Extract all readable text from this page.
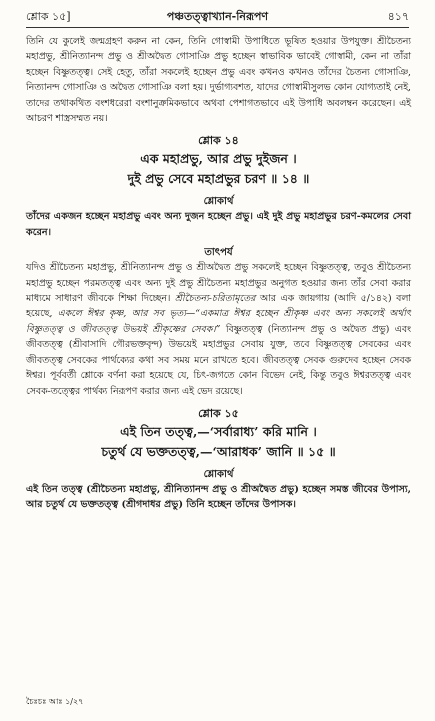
শ্লোক ১৫]	পঞ্চতত্ত্বাখ্যান-নিরূপণ	৪১৭

তিনি যে কুলেই জন্মগ্রহণ করুন না কেন, তিনি গোস্বামী উপাধিতে ভূষিত হওয়ার উপযুক্ত। শ্রীচৈতন্য মহাপ্রভু, শ্রীনিত্যানন্দ প্রভু ও শ্রীঅদ্বৈত গোসাঞি প্রভু হচ্ছেন স্বাভাবিক ভাবেই গোস্বামী, কেন না তাঁরা হচ্ছেন বিষ্ণুতত্ত্ব। সেই হেতু, তাঁরা সকলেই হচ্ছেন প্রভু এবং কখনও কখনও তাঁদের চৈতন্য গোসাঞি, নিত্যানন্দ গোসাঞি ও অদ্বৈত গোসাঞি বলা হয়। দুর্ভাগ্যবশত, যাদের গোস্বামীসুলভ কোন যোগ্যতাই নেই, তাদের তথাকথিত বংশধরেরা বংশানুক্রমিকভাবে অথবা পেশাগতভাবে এই উপাধি অবলম্বন করেছেন। এই আচরণ শাস্ত্রসম্মত নয়।

শ্লোক ১৪
এক মহাপ্রভু, আর প্রভু দুইজন ।
দুই প্রভু সেবে মহাপ্রভুর চরণ ॥ ১৪ ॥
শ্লোকার্থ

তাঁদের একজন হচ্ছেন মহাপ্রভু এবং অন্য দুজন হচ্ছেন প্রভু। এই দুই প্রভু মহাপ্রভুর চরণ-কমলের সেবা করেন।

তাৎপর্য

যদিও শ্রীচৈতন্য মহাপ্রভু, শ্রীনিত্যানন্দ প্রভু ও শ্রীঅদ্বৈত প্রভু সকলেই হচ্ছেন বিষ্ণুতত্ত্ব, তবুও শ্রীচৈতন্য মহাপ্রভু হচ্ছেন পরমতত্ত্ব এবং অন্য দুই প্রভু শ্রীচৈতন্য মহাপ্রভুর অনুগত হওয়ার জন্য তাঁর সেবা করার মাধ্যমে সাধারণ জীবকে শিক্ষা দিচ্ছেন। শ্রীচৈতন্য-চরিতামৃতের আর এক জায়গায় (আদি ৫/১৪২) বলা হয়েছে, একলে ঈশ্বর কৃষ্ণ, আর সব ভৃত্য—“একমাত্র ঈশ্বর হচ্ছেন শ্রীকৃষ্ণ এবং অন্য সকলেই অর্থাৎ বিষ্ণুতত্ত্ব ও জীবতত্ত্ব উভয়ই শ্রীকৃষ্ণের সেবক।” বিষ্ণুতত্ত্ব (নিত্যানন্দ প্রভু ও অদ্বৈত প্রভু) এবং জীবতত্ত্ব (শ্রীবাসাদি গৌরভক্তবৃন্দ) উভয়েই মহাপ্রভুর সেবায় যুক্ত, তবে বিষ্ণুতত্ত্ব সেবকের এবং জীবতত্ত্ব সেবকের পার্থক্যের কথা সব সময় মনে রাখতে হবে। জীবতত্ত্ব সেবক গুরুদেব হচ্ছেন সেবক ঈশ্বর। পূর্ববর্তী শ্লোকে বর্ণনা করা হয়েছে যে, চিৎ-জগতে কোন বিভেদ নেই, কিন্তু তবুও ঈশ্বরতত্ত্ব এবং সেবক-তত্ত্বের পার্থক্য নিরূপণ করার জন্য এই ভেদ রয়েছে।

শ্লোক ১৫
এই তিন তত্ত্ব,—‘সর্বারাধ্য’ করি মানি ।
চতুর্থ যে ভক্ততত্ত্ব,—‘আরাধক’ জানি ॥ ১৫ ॥
শ্লোকার্থ

এই তিন তত্ত্ব (শ্রীচৈতন্য মহাপ্রভু, শ্রীনিত্যানন্দ প্রভু ও শ্রীঅদ্বৈত প্রভু) হচ্ছেন সমস্ত জীবের উপাস্য, আর চতুর্থ যে ভক্ততত্ত্ব (শ্রীগদাধর প্রভু) তিনি হচ্ছেন তাঁদের উপাসক।

চৈঃচঃ আঃ ১/২৭
